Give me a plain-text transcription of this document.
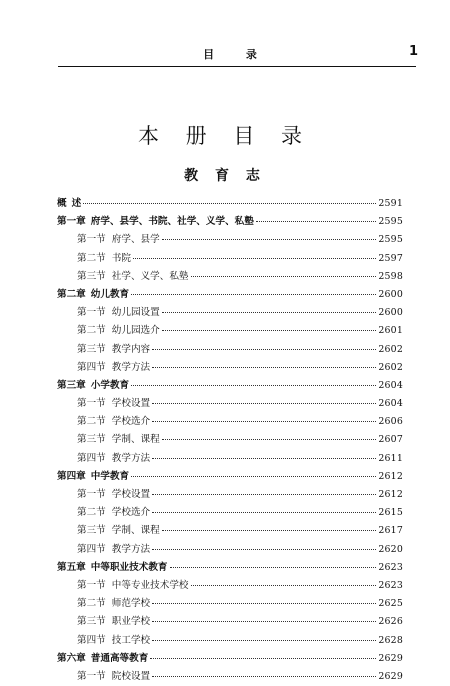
目 录	1
本 册 目 录
教 育 志
概 述	2591
第一章 府学、县学、书院、社学、义学、私塾	2595
第一节 府学、县学	2595
第二节 书院	2597
第三节 社学、义学、私塾	2598
第二章 幼儿教育	2600
第一节 幼儿园设置	2600
第二节 幼儿园选介	2601
第三节 教学内容	2602
第四节 教学方法	2602
第三章 小学教育	2604
第一节 学校设置	2604
第二节 学校选介	2606
第三节 学制、课程	2607
第四节 教学方法	2611
第四章 中学教育	2612
第一节 学校设置	2612
第二节 学校选介	2615
第三节 学制、课程	2617
第四节 教学方法	2620
第五章 中等职业技术教育	2623
第一节 中等专业技术学校	2623
第二节 师范学校	2625
第三节 职业学校	2626
第四节 技工学校	2628
第六章 普通高等教育	2629
第一节 院校设置	2629
